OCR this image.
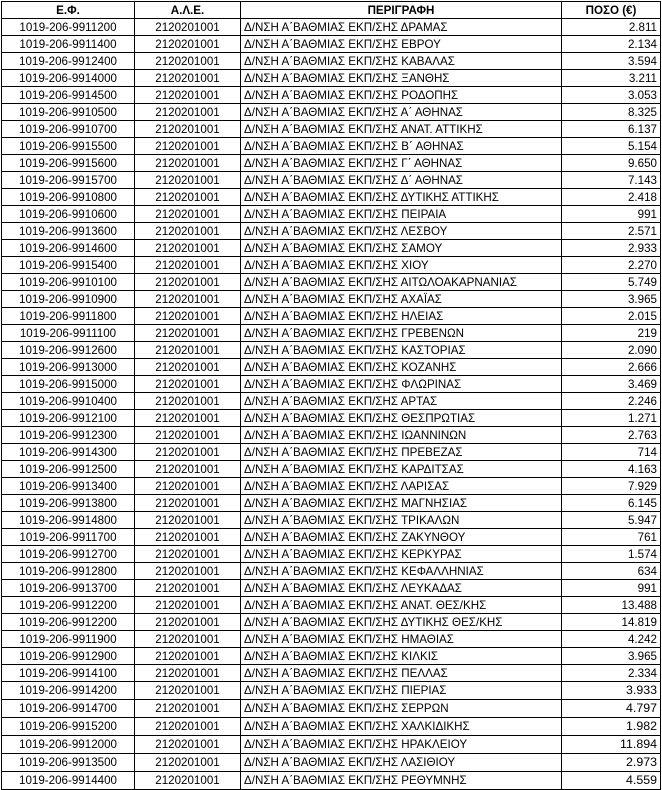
Ε.Φ.	Α.Λ.Ε.	ΠΕΡΙΓΡΑΦΗ	ΠΟΣΟ (€)
1019-206-9911200	2120201001	Δ/ΝΣΗ Α΄ΒΑΘΜΙΑΣ ΕΚΠ/ΣΗΣ ΔΡΑΜΑΣ	2.811
1019-206-9911400	2120201001	Δ/ΝΣΗ Α΄ΒΑΘΜΙΑΣ ΕΚΠ/ΣΗΣ ΕΒΡΟΥ	2.134
1019-206-9912400	2120201001	Δ/ΝΣΗ Α΄ΒΑΘΜΙΑΣ ΕΚΠ/ΣΗΣ ΚΑΒΑΛΑΣ	3.594
1019-206-9914000	2120201001	Δ/ΝΣΗ Α΄ΒΑΘΜΙΑΣ ΕΚΠ/ΣΗΣ ΞΑΝΘΗΣ	3.211
1019-206-9914500	2120201001	Δ/ΝΣΗ Α΄ΒΑΘΜΙΑΣ ΕΚΠ/ΣΗΣ ΡΟΔΟΠΗΣ	3.053
1019-206-9910500	2120201001	Δ/ΝΣΗ Α΄ΒΑΘΜΙΑΣ ΕΚΠ/ΣΗΣ Α΄ ΑΘΗΝΑΣ	8.325
1019-206-9910700	2120201001	Δ/ΝΣΗ Α΄ΒΑΘΜΙΑΣ ΕΚΠ/ΣΗΣ ΑΝΑΤ. ΑΤΤΙΚΗΣ	6.137
1019-206-9915500	2120201001	Δ/ΝΣΗ Α΄ΒΑΘΜΙΑΣ ΕΚΠ/ΣΗΣ Β΄ ΑΘΗΝΑΣ	5.154
1019-206-9915600	2120201001	Δ/ΝΣΗ Α΄ΒΑΘΜΙΑΣ ΕΚΠ/ΣΗΣ Γ΄ ΑΘΗΝΑΣ	9.650
1019-206-9915700	2120201001	Δ/ΝΣΗ Α΄ΒΑΘΜΙΑΣ ΕΚΠ/ΣΗΣ Δ΄ ΑΘΗΝΑΣ	7.143
1019-206-9910800	2120201001	Δ/ΝΣΗ Α΄ΒΑΘΜΙΑΣ ΕΚΠ/ΣΗΣ ΔΥΤΙΚΗΣ ΑΤΤΙΚΗΣ	2.418
1019-206-9910600	2120201001	Δ/ΝΣΗ Α΄ΒΑΘΜΙΑΣ ΕΚΠ/ΣΗΣ ΠΕΙΡΑΙΑ	991
1019-206-9913600	2120201001	Δ/ΝΣΗ Α΄ΒΑΘΜΙΑΣ ΕΚΠ/ΣΗΣ ΛΕΣΒΟΥ	2.571
1019-206-9914600	2120201001	Δ/ΝΣΗ Α΄ΒΑΘΜΙΑΣ ΕΚΠ/ΣΗΣ ΣΑΜΟΥ	2.933
1019-206-9915400	2120201001	Δ/ΝΣΗ Α΄ΒΑΘΜΙΑΣ ΕΚΠ/ΣΗΣ ΧΙΟΥ	2.270
1019-206-9910100	2120201001	Δ/ΝΣΗ Α΄ΒΑΘΜΙΑΣ ΕΚΠ/ΣΗΣ ΑΙΤΩΛΟΑΚΑΡΝΑΝΙΑΣ	5.749
1019-206-9910900	2120201001	Δ/ΝΣΗ Α΄ΒΑΘΜΙΑΣ ΕΚΠ/ΣΗΣ ΑΧΑΪΑΣ	3.965
1019-206-9911800	2120201001	Δ/ΝΣΗ Α΄ΒΑΘΜΙΑΣ ΕΚΠ/ΣΗΣ ΗΛΕΙΑΣ	2.015
1019-206-9911100	2120201001	Δ/ΝΣΗ Α΄ΒΑΘΜΙΑΣ ΕΚΠ/ΣΗΣ ΓΡΕΒΕΝΩΝ	219
1019-206-9912600	2120201001	Δ/ΝΣΗ Α΄ΒΑΘΜΙΑΣ ΕΚΠ/ΣΗΣ ΚΑΣΤΟΡΙΑΣ	2.090
1019-206-9913000	2120201001	Δ/ΝΣΗ Α΄ΒΑΘΜΙΑΣ ΕΚΠ/ΣΗΣ ΚΟΖΑΝΗΣ	2.666
1019-206-9915000	2120201001	Δ/ΝΣΗ Α΄ΒΑΘΜΙΑΣ ΕΚΠ/ΣΗΣ ΦΛΩΡΙΝΑΣ	3.469
1019-206-9910400	2120201001	Δ/ΝΣΗ Α΄ΒΑΘΜΙΑΣ ΕΚΠ/ΣΗΣ ΑΡΤΑΣ	2.246
1019-206-9912100	2120201001	Δ/ΝΣΗ Α΄ΒΑΘΜΙΑΣ ΕΚΠ/ΣΗΣ ΘΕΣΠΡΩΤΙΑΣ	1.271
1019-206-9912300	2120201001	Δ/ΝΣΗ Α΄ΒΑΘΜΙΑΣ ΕΚΠ/ΣΗΣ ΙΩΑΝΝΙΝΩΝ	2.763
1019-206-9914300	2120201001	Δ/ΝΣΗ Α΄ΒΑΘΜΙΑΣ ΕΚΠ/ΣΗΣ ΠΡΕΒΕΖΑΣ	714
1019-206-9912500	2120201001	Δ/ΝΣΗ Α΄ΒΑΘΜΙΑΣ ΕΚΠ/ΣΗΣ ΚΑΡΔΙΤΣΑΣ	4.163
1019-206-9913400	2120201001	Δ/ΝΣΗ Α΄ΒΑΘΜΙΑΣ ΕΚΠ/ΣΗΣ ΛΑΡΙΣΑΣ	7.929
1019-206-9913800	2120201001	Δ/ΝΣΗ Α΄ΒΑΘΜΙΑΣ ΕΚΠ/ΣΗΣ ΜΑΓΝΗΣΙΑΣ	6.145
1019-206-9914800	2120201001	Δ/ΝΣΗ Α΄ΒΑΘΜΙΑΣ ΕΚΠ/ΣΗΣ ΤΡΙΚΑΛΩΝ	5.947
1019-206-9911700	2120201001	Δ/ΝΣΗ Α΄ΒΑΘΜΙΑΣ ΕΚΠ/ΣΗΣ ΖΑΚΥΝΘΟΥ	761
1019-206-9912700	2120201001	Δ/ΝΣΗ Α΄ΒΑΘΜΙΑΣ ΕΚΠ/ΣΗΣ ΚΕΡΚΥΡΑΣ	1.574
1019-206-9912800	2120201001	Δ/ΝΣΗ Α΄ΒΑΘΜΙΑΣ ΕΚΠ/ΣΗΣ ΚΕΦΑΛΛΗΝΙΑΣ	634
1019-206-9913700	2120201001	Δ/ΝΣΗ Α΄ΒΑΘΜΙΑΣ ΕΚΠ/ΣΗΣ ΛΕΥΚΑΔΑΣ	991
1019-206-9912200	2120201001	Δ/ΝΣΗ Α΄ΒΑΘΜΙΑΣ ΕΚΠ/ΣΗΣ ΑΝΑΤ. ΘΕΣ/ΚΗΣ	13.488
1019-206-9912200	2120201001	Δ/ΝΣΗ Α΄ΒΑΘΜΙΑΣ ΕΚΠ/ΣΗΣ ΔΥΤΙΚΗΣ ΘΕΣ/ΚΗΣ	14.819
1019-206-9911900	2120201001	Δ/ΝΣΗ Α΄ΒΑΘΜΙΑΣ ΕΚΠ/ΣΗΣ ΗΜΑΘΙΑΣ	4.242
1019-206-9912900	2120201001	Δ/ΝΣΗ Α΄ΒΑΘΜΙΑΣ ΕΚΠ/ΣΗΣ ΚΙΛΚΙΣ	3.965
1019-206-9914100	2120201001	Δ/ΝΣΗ Α΄ΒΑΘΜΙΑΣ ΕΚΠ/ΣΗΣ ΠΕΛΛΑΣ	2.334
1019-206-9914200	2120201001	Δ/ΝΣΗ Α΄ΒΑΘΜΙΑΣ ΕΚΠ/ΣΗΣ ΠΙΕΡΙΑΣ	3.933
1019-206-9914700	2120201001	Δ/ΝΣΗ Α΄ΒΑΘΜΙΑΣ ΕΚΠ/ΣΗΣ ΣΕΡΡΩΝ	4.797
1019-206-9915200	2120201001	Δ/ΝΣΗ Α΄ΒΑΘΜΙΑΣ ΕΚΠ/ΣΗΣ ΧΑΛΚΙΔΙΚΗΣ	1.982
1019-206-9912000	2120201001	Δ/ΝΣΗ Α΄ΒΑΘΜΙΑΣ ΕΚΠ/ΣΗΣ ΗΡΑΚΛΕΙΟΥ	11.894
1019-206-9913500	2120201001	Δ/ΝΣΗ Α΄ΒΑΘΜΙΑΣ ΕΚΠ/ΣΗΣ ΛΑΣΙΘΙΟΥ	2.973
1019-206-9914400	2120201001	Δ/ΝΣΗ Α΄ΒΑΘΜΙΑΣ ΕΚΠ/ΣΗΣ ΡΕΘΥΜΝΗΣ	4.559
